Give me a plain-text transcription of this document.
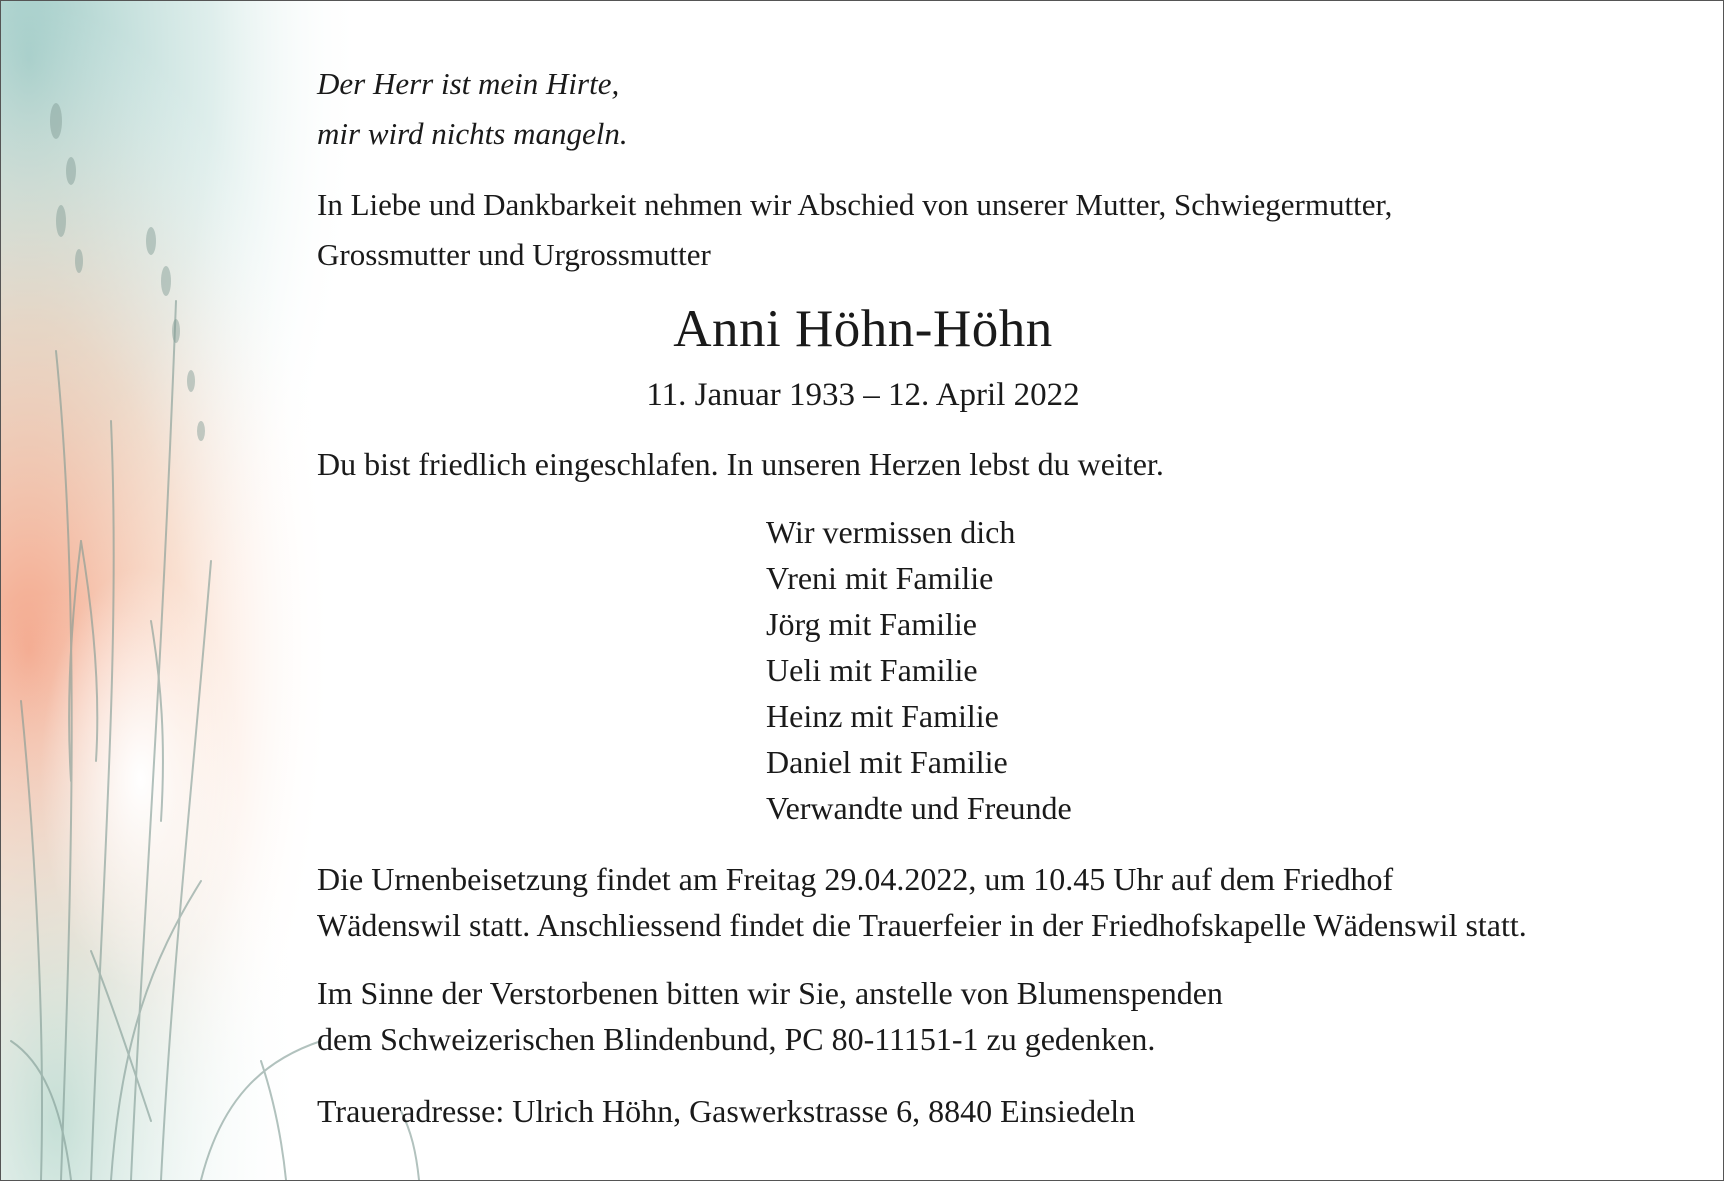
Der Herr ist mein Hirte,
mir wird nichts mangeln.
In Liebe und Dankbarkeit nehmen wir Abschied von unserer Mutter, Schwiegermutter,
Grossmutter und Urgrossmutter
Anni Höhn-Höhn
11. Januar 1933 – 12. April 2022
Du bist friedlich eingeschlafen. In unseren Herzen lebst du weiter.
Wir vermissen dich
Vreni mit Familie
Jörg mit Familie
Ueli mit Familie
Heinz mit Familie
Daniel mit Familie
Verwandte und Freunde
Die Urnenbeisetzung findet am Freitag 29.04.2022, um 10.45 Uhr auf dem Friedhof
Wädenswil statt. Anschliessend findet die Trauerfeier in der Friedhofskapelle Wädenswil statt.
Im Sinne der Verstorbenen bitten wir Sie, anstelle von Blumenspenden
dem Schweizerischen Blindenbund, PC 80-11151-1 zu gedenken.
Traueradresse: Ulrich Höhn, Gaswerkstrasse 6, 8840 Einsiedeln
